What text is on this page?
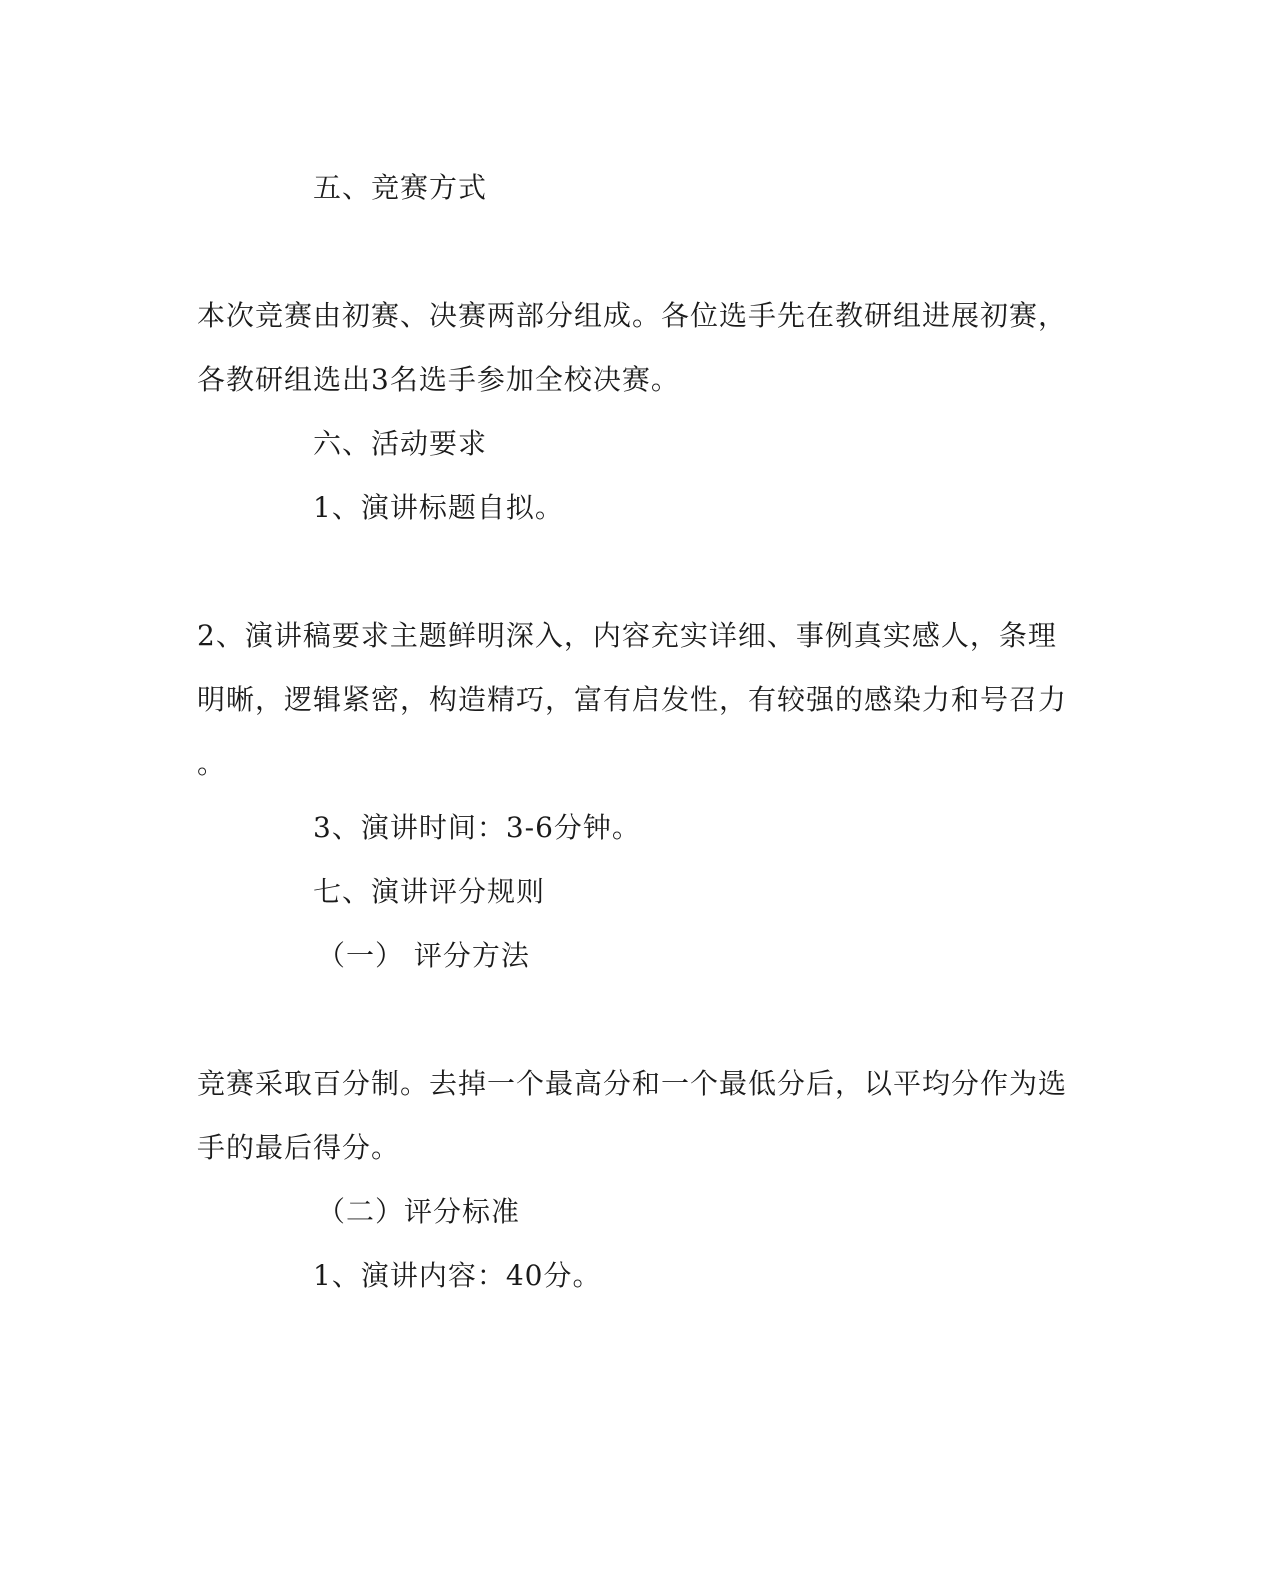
五、竞赛方式
本次竞赛由初赛、决赛两部分组成。各位选手先在教研组进展初赛，
各教研组选出3名选手参加全校决赛。
六、活动要求
1、演讲标题自拟。
2、演讲稿要求主题鲜明深入，内容充实详细、事例真实感人，条理
明晰，逻辑紧密，构造精巧，富有启发性，有较强的感染力和号召力
。
3、演讲时间：3-6分钟。
七、演讲评分规则
（一） 评分方法
竞赛采取百分制。去掉一个最高分和一个最低分后，以平均分作为选
手的最后得分。
（二）评分标准
1、演讲内容：40分。
